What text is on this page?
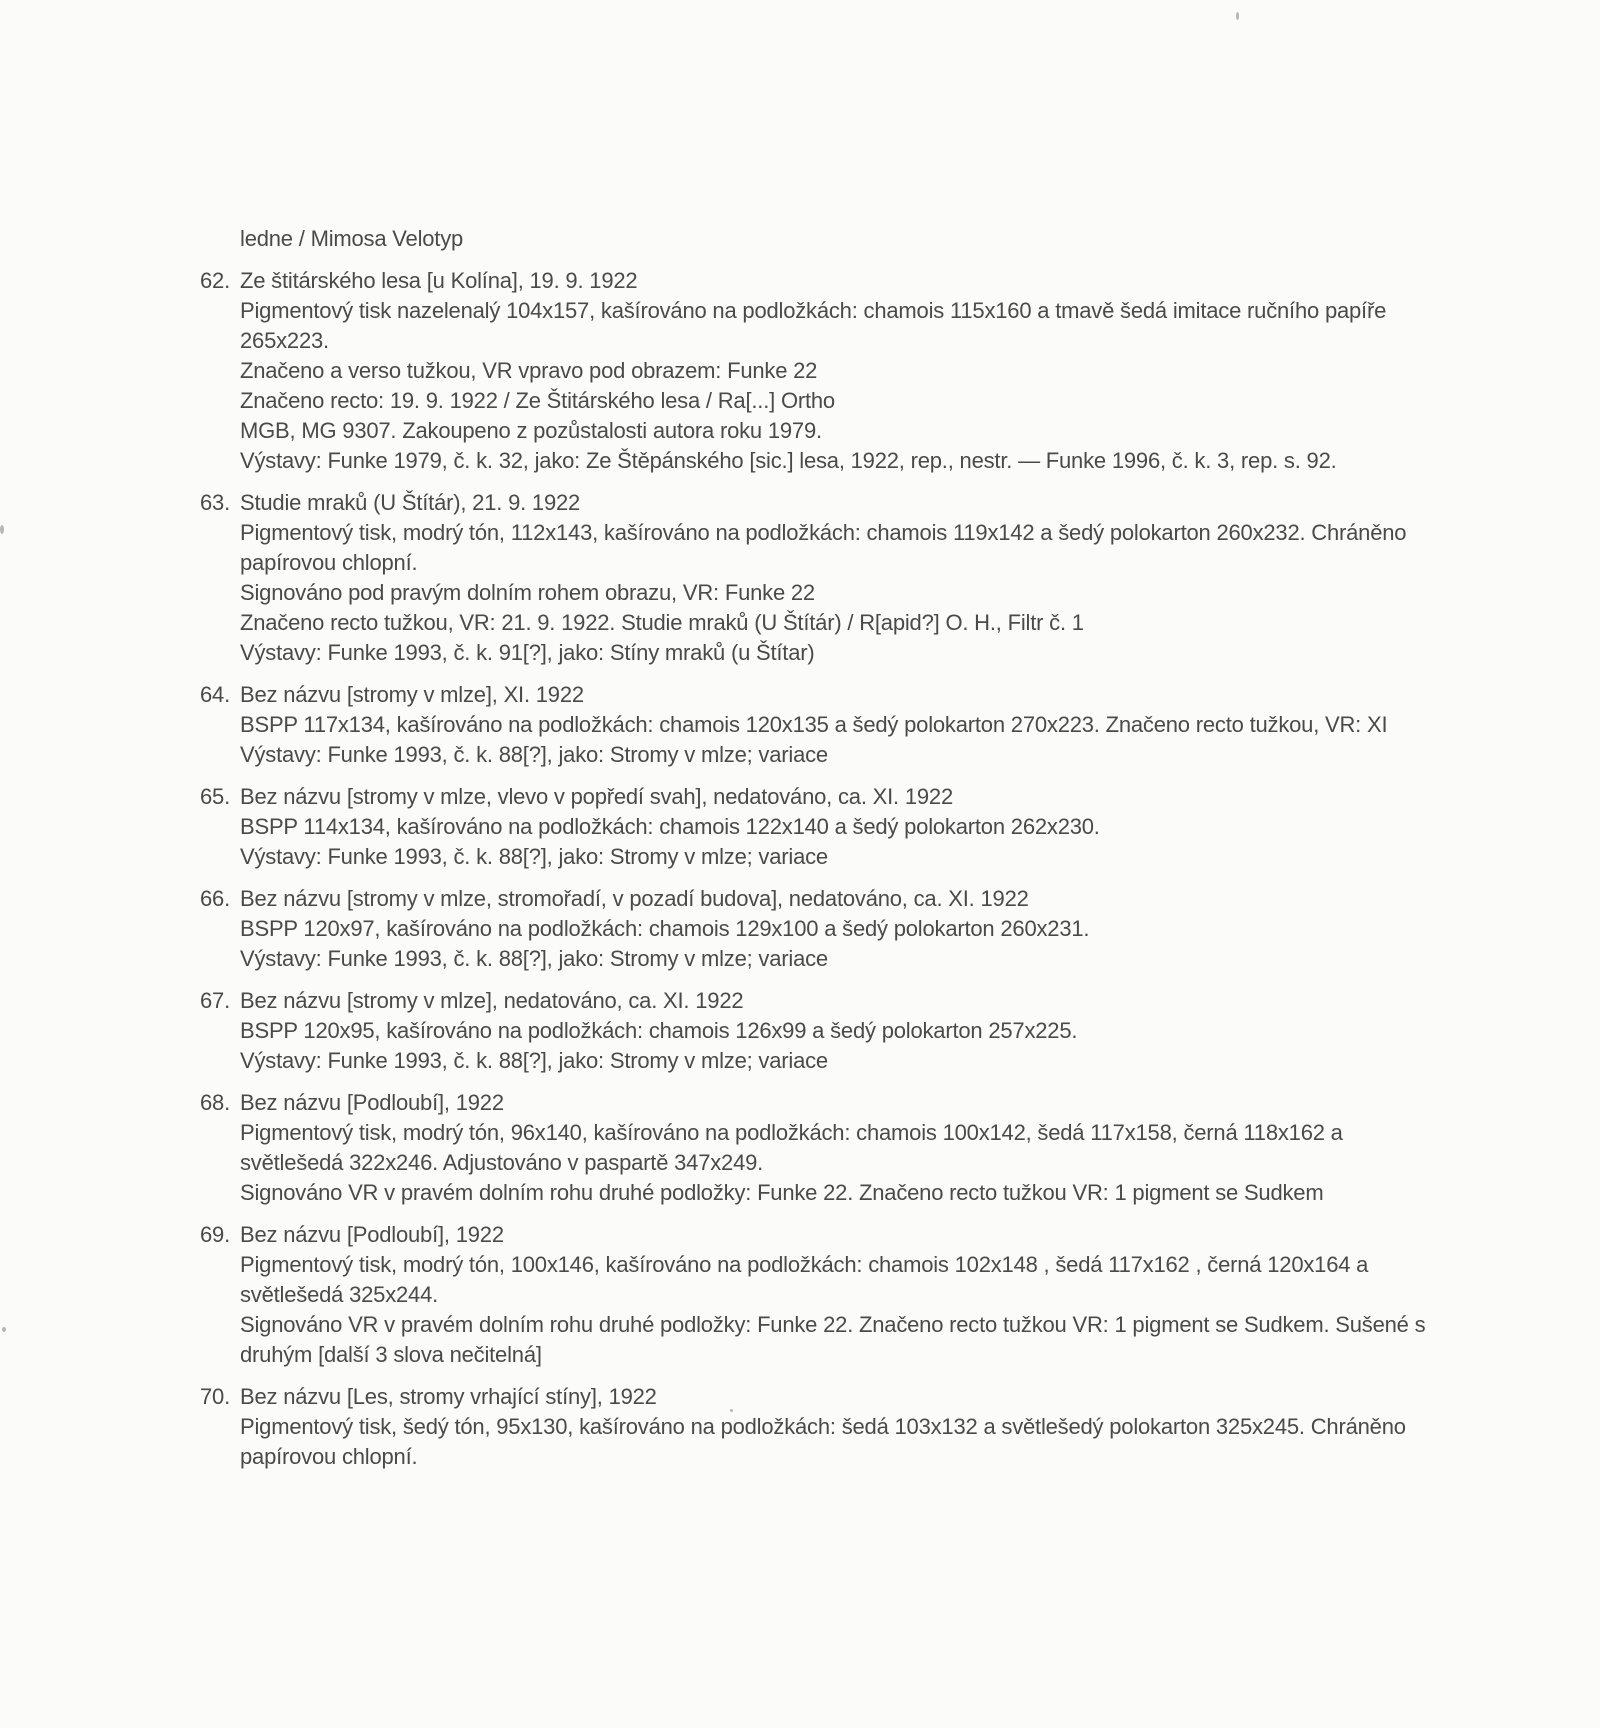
ledne / Mimosa Velotyp
62. Ze štitárského lesa [u Kolína], 19. 9. 1922
Pigmentový tisk nazelenalý 104x157, kašírováno na podložkách: chamois 115x160 a tmavě šedá imitace ručního papíře 265x223.
Značeno a verso tužkou, VR vpravo pod obrazem: Funke 22
Značeno recto: 19. 9. 1922 / Ze Štitárského lesa / Ra[...] Ortho
MGB, MG 9307. Zakoupeno z pozůstalosti autora roku 1979.
Výstavy: Funke 1979, č. k. 32, jako: Ze Štěpánského [sic.] lesa, 1922, rep., nestr. — Funke 1996, č. k. 3, rep. s. 92.
63. Studie mraků (U Štítár), 21. 9. 1922
Pigmentový tisk, modrý tón, 112x143, kašírováno na podložkách: chamois 119x142 a šedý polokarton 260x232. Chráněno papírovou chlopní.
Signováno pod pravým dolním rohem obrazu, VR: Funke 22
Značeno recto tužkou, VR: 21. 9. 1922. Studie mraků (U Štítár) / R[apid?] O. H., Filtr č. 1
Výstavy: Funke 1993, č. k. 91[?], jako: Stíny mraků (u Štítar)
64. Bez názvu [stromy v mlze], XI. 1922
BSPP 117x134, kašírováno na podložkách: chamois 120x135 a šedý polokarton 270x223. Značeno recto tužkou, VR: XI
Výstavy: Funke 1993, č. k. 88[?], jako: Stromy v mlze; variace
65. Bez názvu [stromy v mlze, vlevo v popředí svah], nedatováno, ca. XI. 1922
BSPP 114x134, kašírováno na podložkách: chamois 122x140 a šedý polokarton 262x230.
Výstavy: Funke 1993, č. k. 88[?], jako: Stromy v mlze; variace
66. Bez názvu [stromy v mlze, stromořadí, v pozadí budova], nedatováno, ca. XI. 1922
BSPP 120x97, kašírováno na podložkách: chamois 129x100 a šedý polokarton 260x231.
Výstavy: Funke 1993, č. k. 88[?], jako: Stromy v mlze; variace
67. Bez názvu [stromy v mlze], nedatováno, ca. XI. 1922
BSPP 120x95, kašírováno na podložkách: chamois 126x99 a šedý polokarton 257x225.
Výstavy: Funke 1993, č. k. 88[?], jako: Stromy v mlze; variace
68. Bez názvu [Podloubí], 1922
Pigmentový tisk, modrý tón, 96x140, kašírováno na podložkách: chamois 100x142, šedá 117x158, černá 118x162 a světlešedá 322x246. Adjustováno v paspartě 347x249.
Signováno VR v pravém dolním rohu druhé podložky: Funke 22. Značeno recto tužkou VR: 1 pigment se Sudkem
69. Bez názvu [Podloubí], 1922
Pigmentový tisk, modrý tón, 100x146, kašírováno na podložkách: chamois 102x148 , šedá 117x162 , černá 120x164 a světlešedá 325x244.
Signováno VR v pravém dolním rohu druhé podložky: Funke 22. Značeno recto tužkou VR: 1 pigment se Sudkem. Sušené s druhým [další 3 slova nečitelná]
70. Bez názvu [Les, stromy vrhající stíny], 1922
Pigmentový tisk, šedý tón, 95x130, kašírováno na podložkách: šedá 103x132 a světlešedý polokarton 325x245. Chráněno papírovou chlopní.
